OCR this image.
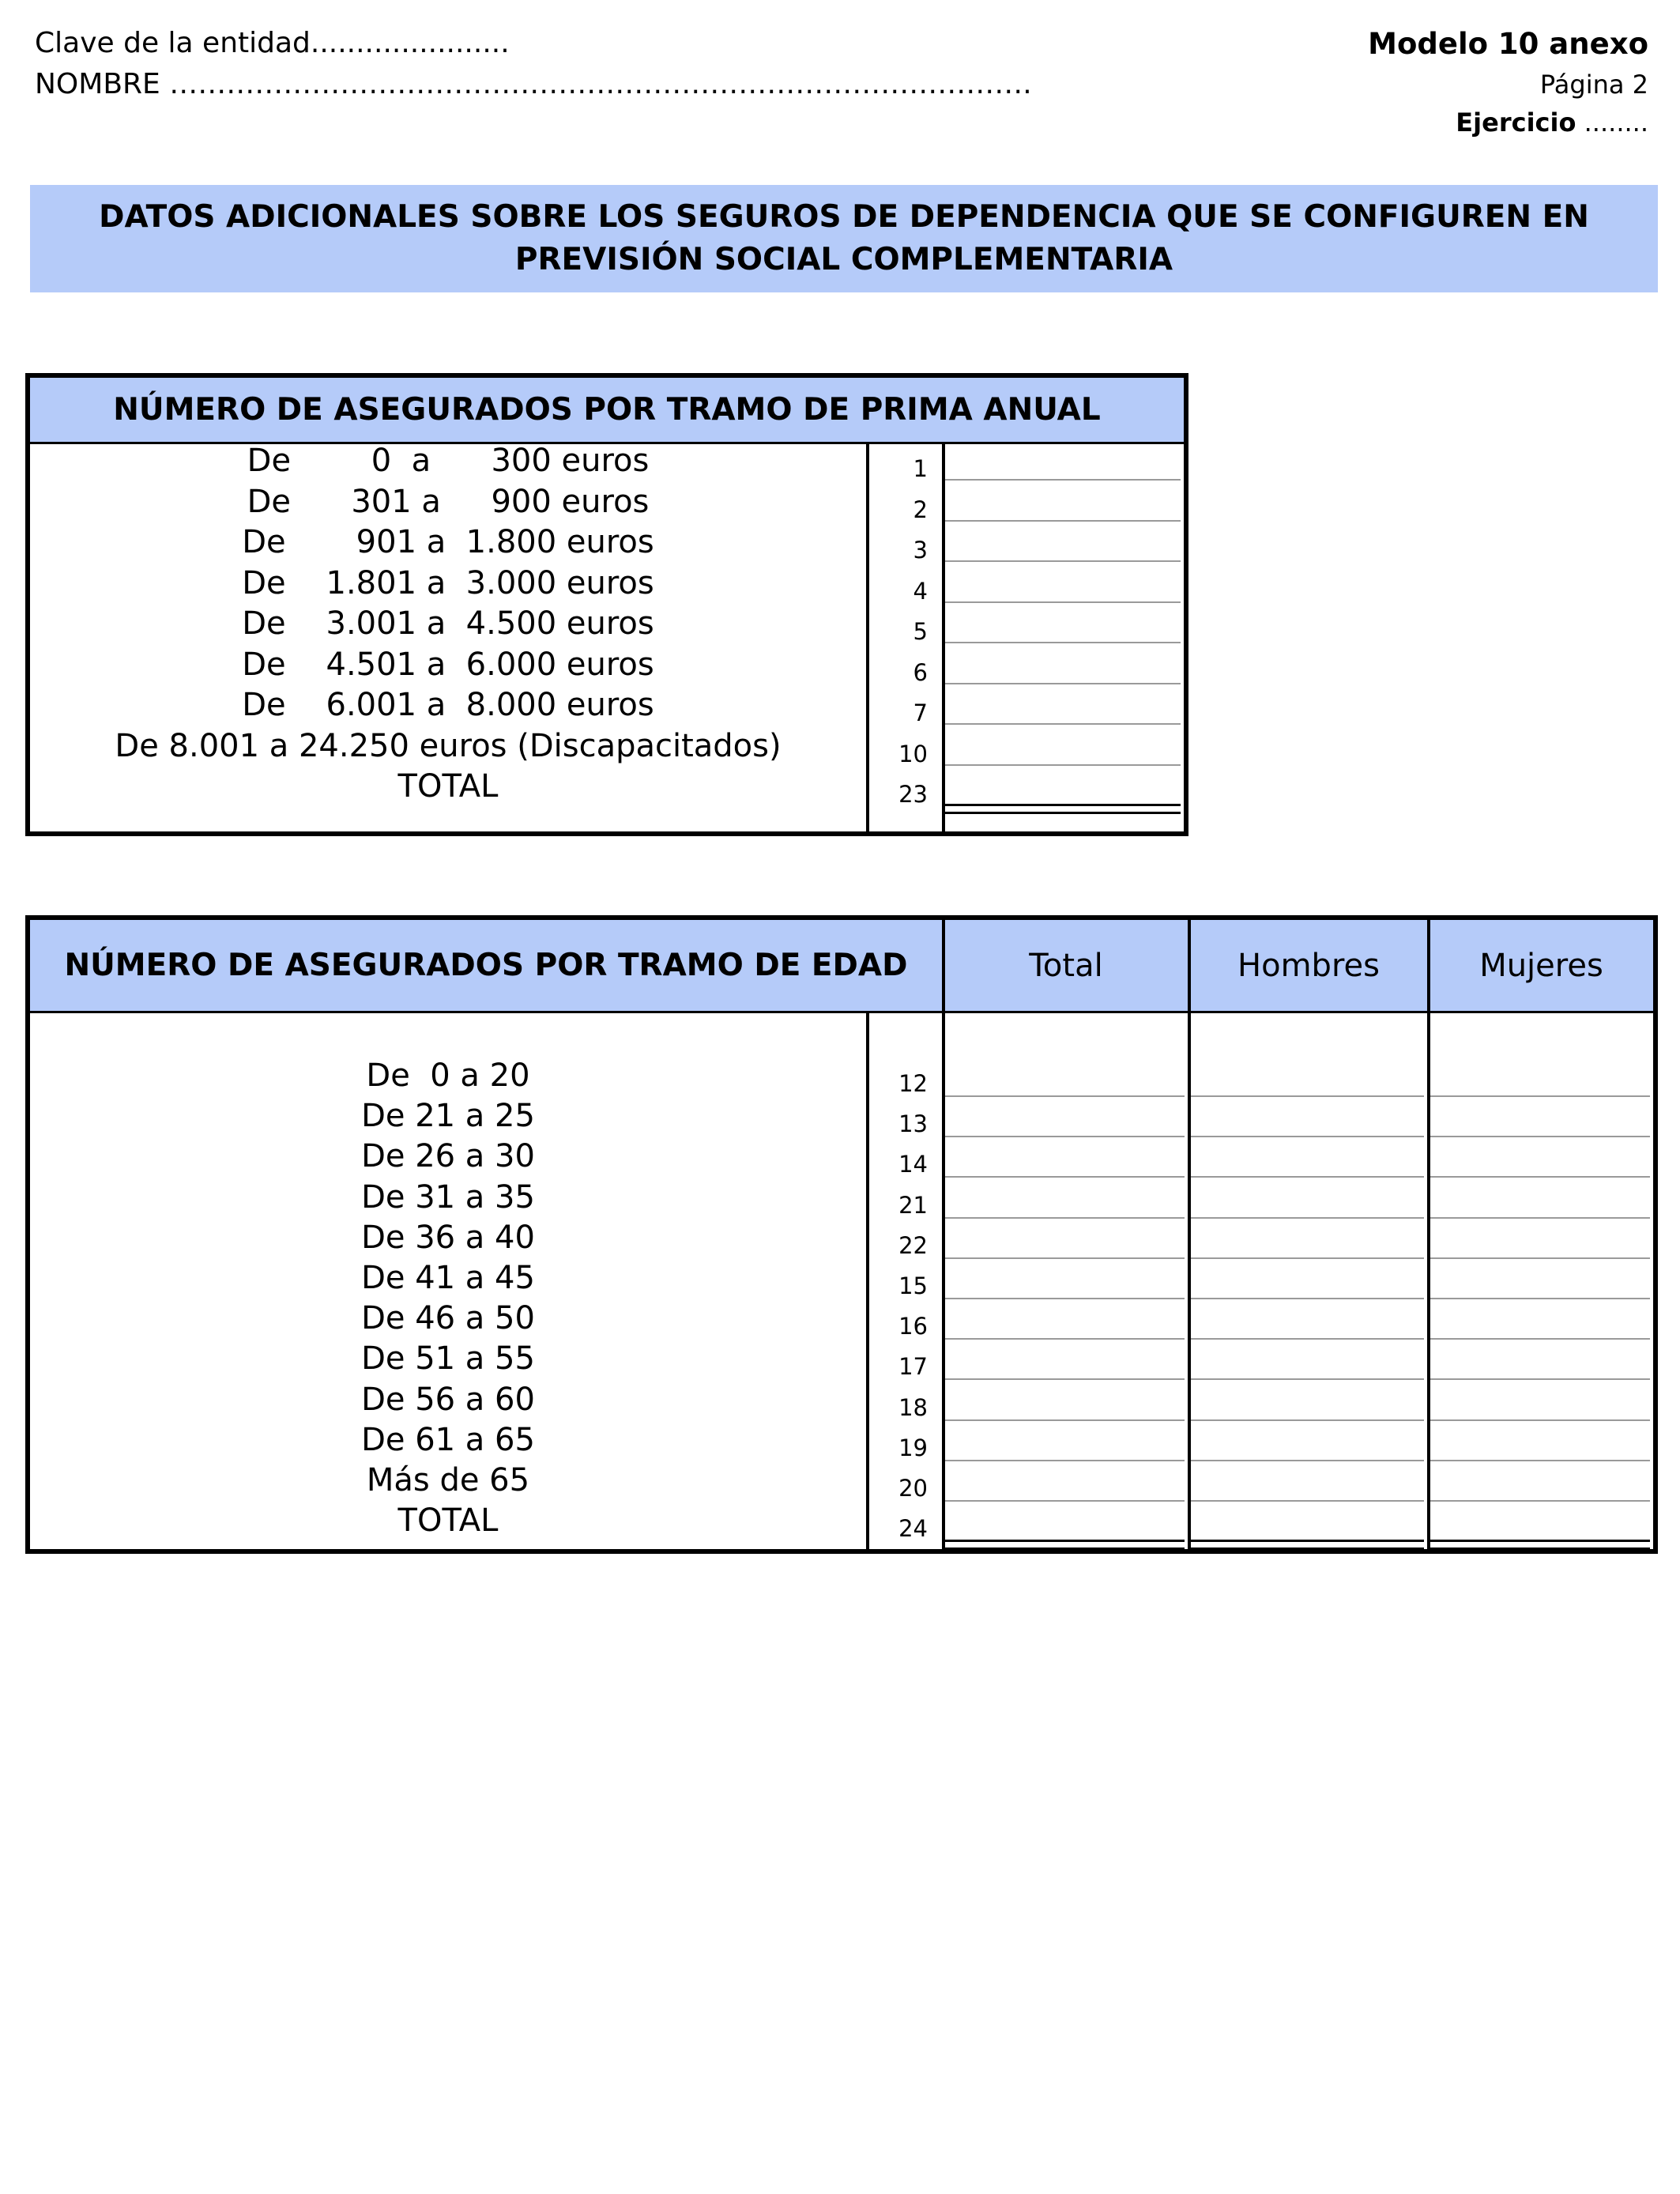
Clave de la entidad......................
NOMBRE ……………………………………………………………………………….
Modelo 10 anexo
Página 2
Ejercicio ........
DATOS ADICIONALES SOBRE LOS SEGUROS DE DEPENDENCIA QUE SE CONFIGUREN EN
PREVISIÓN SOCIAL COMPLEMENTARIA
NÚMERO DE ASEGURADOS POR TRAMO DE PRIMA ANUAL
De        0  a      300 euros	1
De      301 a     900 euros	2
De       901 a  1.800 euros	3
De    1.801 a  3.000 euros	4
De    3.001 a  4.500 euros	5
De    4.501 a  6.000 euros	6
De    6.001 a  8.000 euros	7
De 8.001 a 24.250 euros (Discapacitados)	10
TOTAL	23
NÚMERO DE ASEGURADOS POR TRAMO DE EDAD	Total	Hombres	Mujeres
De  0 a 20	12
De 21 a 25	13
De 26 a 30	14
De 31 a 35	21
De 36 a 40	22
De 41 a 45	15
De 46 a 50	16
De 51 a 55	17
De 56 a 60	18
De 61 a 65	19
Más de 65	20
TOTAL	24
